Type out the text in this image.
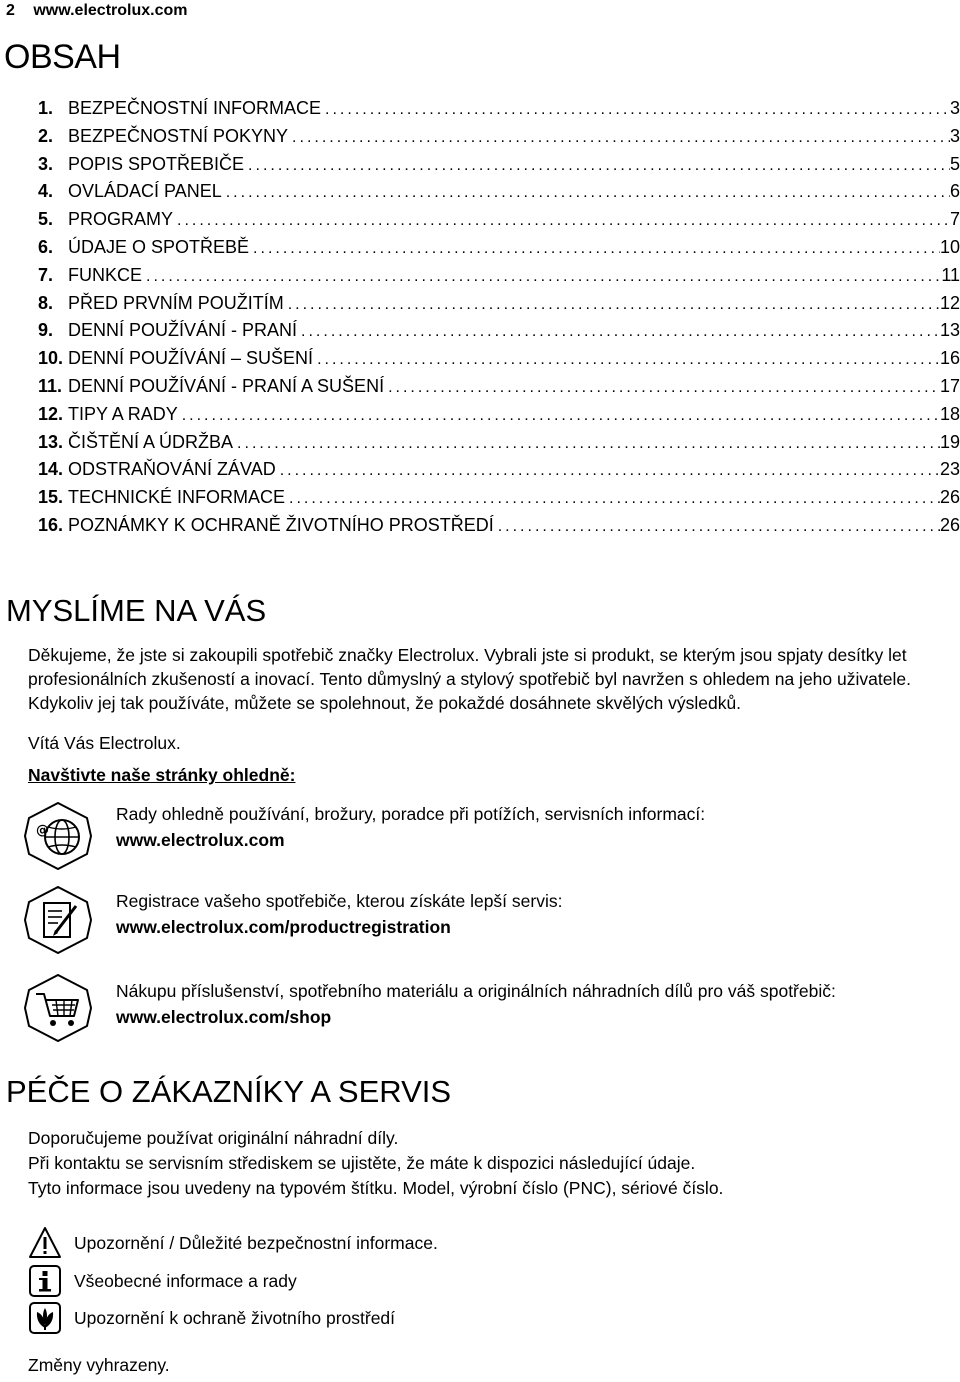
2 www.electrolux.com
OBSAH
1. BEZPEČNOSTNÍ INFORMACE .....	3
2. BEZPEČNOSTNÍ POKYNY .....	3
3. POPIS SPOTŘEBIČE .....	5
4. OVLÁDACÍ PANEL .....	6
5. PROGRAMY .....	7
6. ÚDAJE O SPOTŘEBĚ .....	10
7. FUNKCE .....	11
8. PŘED PRVNÍM POUŽITÍM .....	12
9. DENNÍ POUŽÍVÁNÍ - PRANÍ .....	13
10. DENNÍ POUŽÍVÁNÍ – SUŠENÍ .....	16
11. DENNÍ POUŽÍVÁNÍ - PRANÍ A SUŠENÍ .....	17
12. TIPY A RADY .....	18
13. ČIŠTĚNÍ A ÚDRŽBA .....	19
14. ODSTRAŇOVÁNÍ ZÁVAD .....	23
15. TECHNICKÉ INFORMACE .....	26
16. POZNÁMKY K OCHRANĚ ŽIVOTNÍHO PROSTŘEDÍ .....	26
MYSLÍME NA VÁS
Děkujeme, že jste si zakoupili spotřebič značky Electrolux. Vybrali jste si produkt, se kterým jsou spjaty desítky let profesionálních zkušeností a inovací. Tento důmyslný a stylový spotřebič byl navržen s ohledem na jeho uživatele. Kdykoliv jej tak používáte, můžete se spolehnout, že pokaždé dosáhnete skvělých výsledků.
Vítá Vás Electrolux.
Navštivte naše stránky ohledně:
@
Rady ohledně používání, brožury, poradce při potížích, servisních informací:
www.electrolux.com
Registrace vašeho spotřebiče, kterou získáte lepší servis:
www.electrolux.com/productregistration
Nákupu příslušenství, spotřebního materiálu a originálních náhradních dílů pro váš spotřebič:
www.electrolux.com/shop
PÉČE O ZÁKAZNÍKY A SERVIS
Doporučujeme používat originální náhradní díly.
Při kontaktu se servisním střediskem se ujistěte, že máte k dispozici následující údaje.
Tyto informace jsou uvedeny na typovém štítku. Model, výrobní číslo (PNC), sériové číslo.
Upozornění / Důležité bezpečnostní informace.
Všeobecné informace a rady
Upozornění k ochraně životního prostředí
Změny vyhrazeny.
